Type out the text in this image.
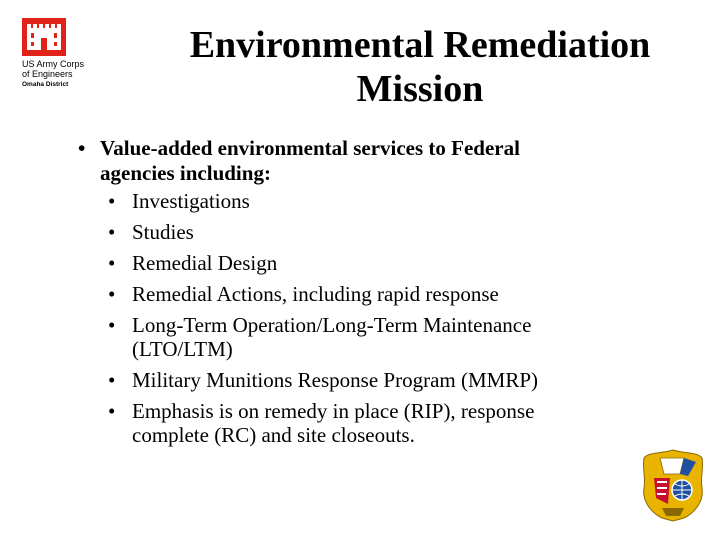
US Army Corps
of Engineers
Omaha District
Environmental Remediation
Mission
• Value-added environmental services to Federal
agencies including:
• Investigations
• Studies
• Remedial Design
• Remedial Actions, including rapid response
• Long-Term Operation/Long-Term Maintenance
(LTO/LTM)
• Military Munitions Response Program (MMRP)
• Emphasis is on remedy in place (RIP), response
complete (RC) and site closeouts.
